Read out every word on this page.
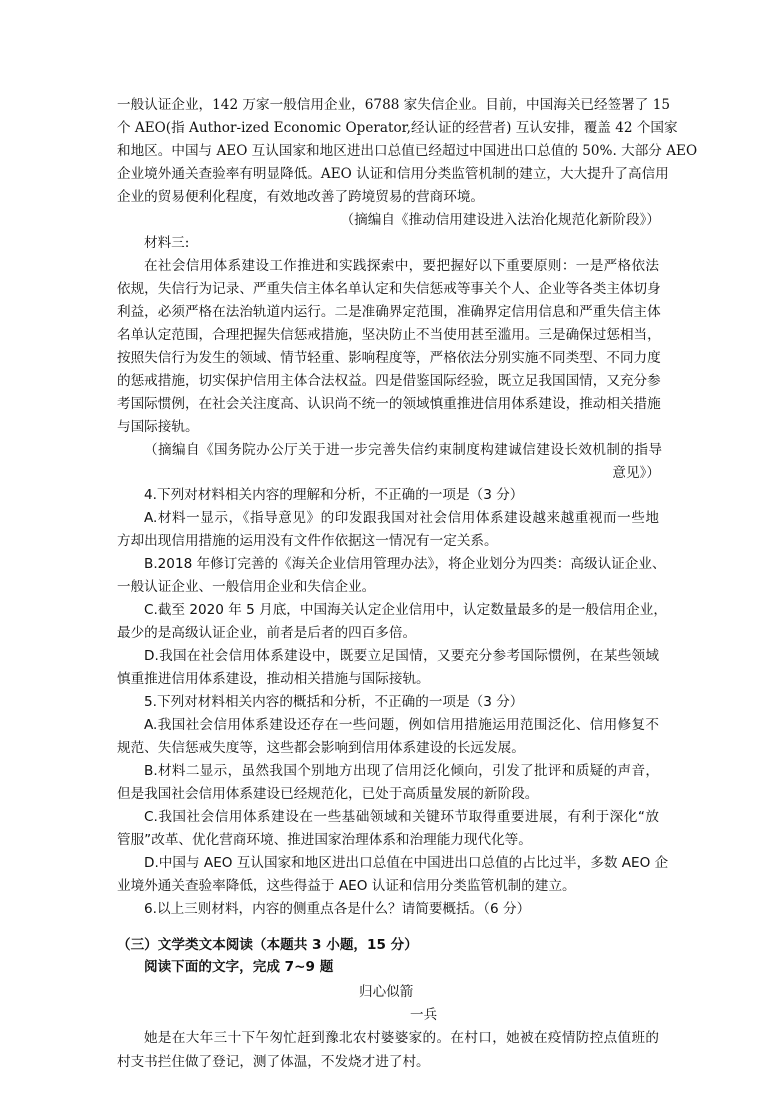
一般认证企业，142 万家一般信用企业，6788 家失信企业。目前，中国海关已经签署了 15
个 AEO(指 Author-ized Economic Operator,经认证的经营者) 互认安排，覆盖 42 个国家
和地区。中国与 AEO 互认国家和地区进出口总值已经超过中国进出口总值的 50%. 大部分 AEO
企业境外通关查验率有明显降低。AEO 认证和信用分类监管机制的建立，大大提升了高信用
企业的贸易便利化程度，有效地改善了跨境贸易的营商环境。
（摘编自《推动信用建设进入法治化规范化新阶段》）
材料三:
在社会信用体系建设工作推进和实践探索中，要把握好以下重要原则：一是严格依法
依规，失信行为记录、严重失信主体名单认定和失信惩戒等事关个人、企业等各类主体切身
利益，必须严格在法治轨道内运行。二是准确界定范围，准确界定信用信息和严重失信主体
名单认定范围，合理把握失信惩戒措施，坚决防止不当使用甚至滥用。三是确保过惩相当，
按照失信行为发生的领域、情节轻重、影响程度等，严格依法分别实施不同类型、不同力度
的惩戒措施，切实保护信用主体合法权益。四是借鉴国际经验，既立足我国国情，又充分参
考国际惯例，在社会关注度高、认识尚不统一的领域慎重推进信用体系建设，推动相关措施
与国际接轨。
（摘编自《国务院办公厅关于进一步完善失信约束制度构建诚信建设长效机制的指导
意见》）
4.下列对材料相关内容的理解和分析，不正确的一项是（3 分）
A.材料一显示，《指导意见》的印发跟我国对社会信用体系建设越来越重视而一些地
方却出现信用措施的运用没有文件作依据这一情况有一定关系。
B.2018 年修订完善的《海关企业信用管理办法》，将企业划分为四类：高级认证企业、
一般认证企业、一般信用企业和失信企业。
C.截至 2020 年 5 月底，中国海关认定企业信用中，认定数量最多的是一般信用企业，
最少的是高级认证企业，前者是后者的四百多倍。
D.我国在社会信用体系建设中，既要立足国情，又要充分参考国际惯例，在某些领域
慎重推进信用体系建设，推动相关措施与国际接轨。
5.下列对材料相关内容的概括和分析，不正确的一项是（3 分）
A.我国社会信用体系建设还存在一些问题，例如信用措施运用范围泛化、信用修复不
规范、失信惩戒失度等，这些都会影响到信用体系建设的长远发展。
B.材料二显示，虽然我国个别地方出现了信用泛化倾向，引发了批评和质疑的声音，
但是我国社会信用体系建设已经规范化，已处于高质量发展的新阶段。
C.我国社会信用体系建设在一些基础领域和关键环节取得重要进展，有利于深化“放
管服”改革、优化营商环境、推进国家治理体系和治理能力现代化等。
D.中国与 AEO 互认国家和地区进出口总值在中国进出口总值的占比过半，多数 AEO 企
业境外通关查验率降低，这些得益于 AEO 认证和信用分类监管机制的建立。
6.以上三则材料，内容的侧重点各是什么？请简要概括。（6 分）
（三）文学类文本阅读（本题共 3 小题，15 分）
阅读下面的文字，完成 7~9 题
归心似箭
一兵
她是在大年三十下午匆忙赶到豫北农村婆婆家的。在村口，她被在疫情防控点值班的
村支书拦住做了登记，测了体温，不发烧才进了村。
